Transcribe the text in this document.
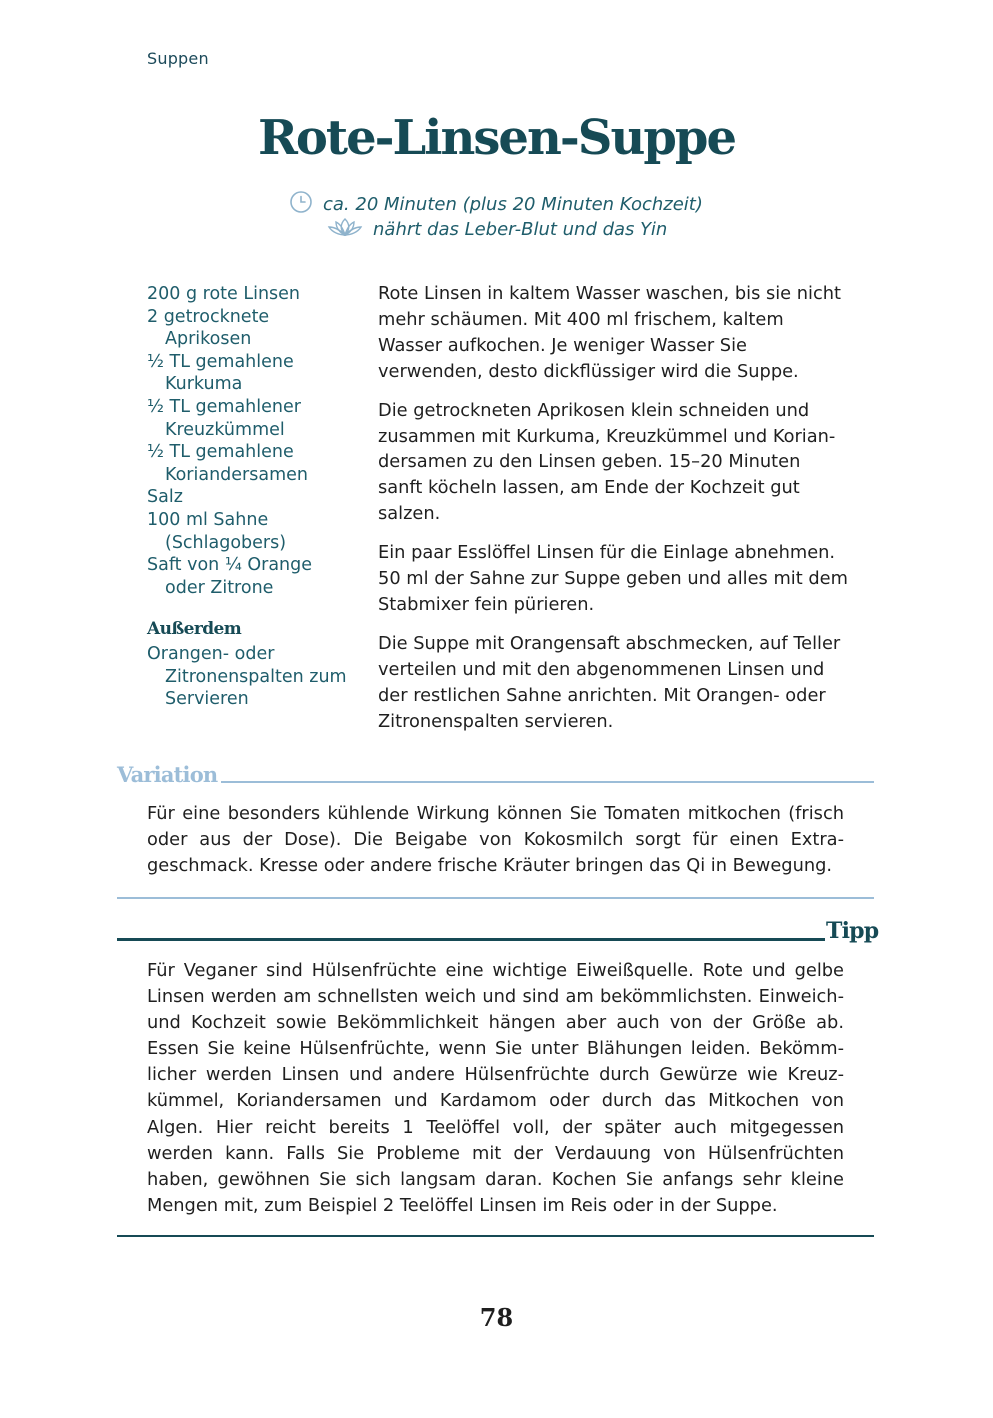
Suppen
Rote-Linsen-Suppe
ca. 20 Minuten (plus 20 Minuten Kochzeit)
nährt das Leber-Blut und das Yin
200 g rote Linsen
2 getrocknete Aprikosen
½ TL gemahlene Kurkuma
½ TL gemahlener Kreuzkümmel
½ TL gemahlene Koriandersamen
Salz
100 ml Sahne (Schlagobers)
Saft von ¼ Orange oder Zitrone
Außerdem
Orangen- oder Zitronenspalten zum Servieren

Rote Linsen in kaltem Wasser waschen, bis sie nicht mehr schäumen. Mit 400 ml frischem, kaltem Wasser aufkochen. Je weniger Wasser Sie verwenden, desto dickflüssiger wird die Suppe.

Die getrockneten Aprikosen klein schneiden und zusammen mit Kurkuma, Kreuzkümmel und Koriandersamen zu den Linsen geben. 15–20 Minuten sanft köcheln lassen, am Ende der Kochzeit gut salzen.

Ein paar Esslöffel Linsen für die Einlage abnehmen. 50 ml der Sahne zur Suppe geben und alles mit dem Stabmixer fein pürieren.

Die Suppe mit Orangensaft abschmecken, auf Teller verteilen und mit den abgenommenen Linsen und der restlichen Sahne anrichten. Mit Orangen- oder Zitronenspalten servieren.

Variation
Für eine besonders kühlende Wirkung können Sie Tomaten mitkochen (frisch oder aus der Dose). Die Beigabe von Kokosmilch sorgt für einen Extrageschmack. Kresse oder andere frische Kräuter bringen das Qi in Bewegung.
Tipp
Für Veganer sind Hülsenfrüchte eine wichtige Eiweißquelle. Rote und gelbe Linsen werden am schnellsten weich und sind am bekömmlichsten. Einweich- und Kochzeit sowie Bekömmlichkeit hängen aber auch von der Größe ab. Essen Sie keine Hülsenfrüchte, wenn Sie unter Blähungen leiden. Bekömmlicher werden Linsen und andere Hülsenfrüchte durch Gewürze wie Kreuzkümmel, Koriandersamen und Kardamom oder durch das Mitkochen von Algen. Hier reicht bereits 1 Teelöffel voll, der später auch mitgegessen werden kann. Falls Sie Probleme mit der Verdauung von Hülsenfrüchten haben, gewöhnen Sie sich langsam daran. Kochen Sie anfangs sehr kleine Mengen mit, zum Beispiel 2 Teelöffel Linsen im Reis oder in der Suppe.
78
